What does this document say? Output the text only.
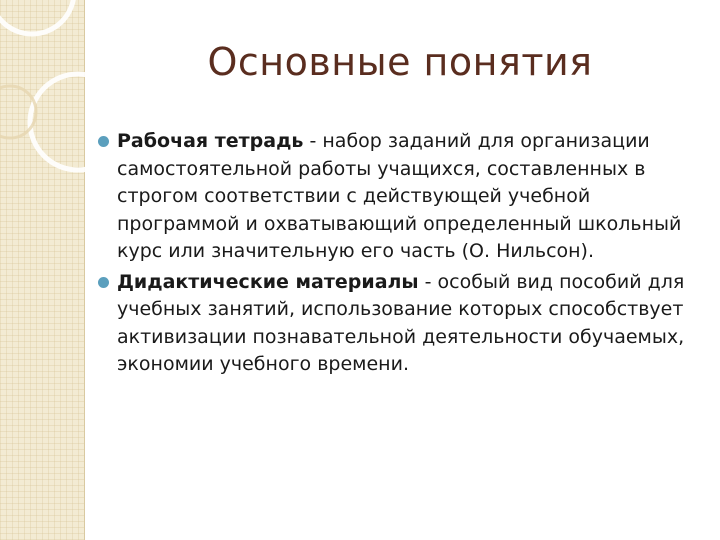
Основные понятия
Рабочая тетрадь - набор заданий для организации самостоятельной работы учащихся, составленных в строгом соответствии с действующей учебной программой и охватывающий определенный школьный курс или значительную его часть (О. Нильсон).
Дидактические материалы - особый вид пособий для учебных занятий, использование которых способствует активизации познавательной деятельности обучаемых, экономии учебного времени.
